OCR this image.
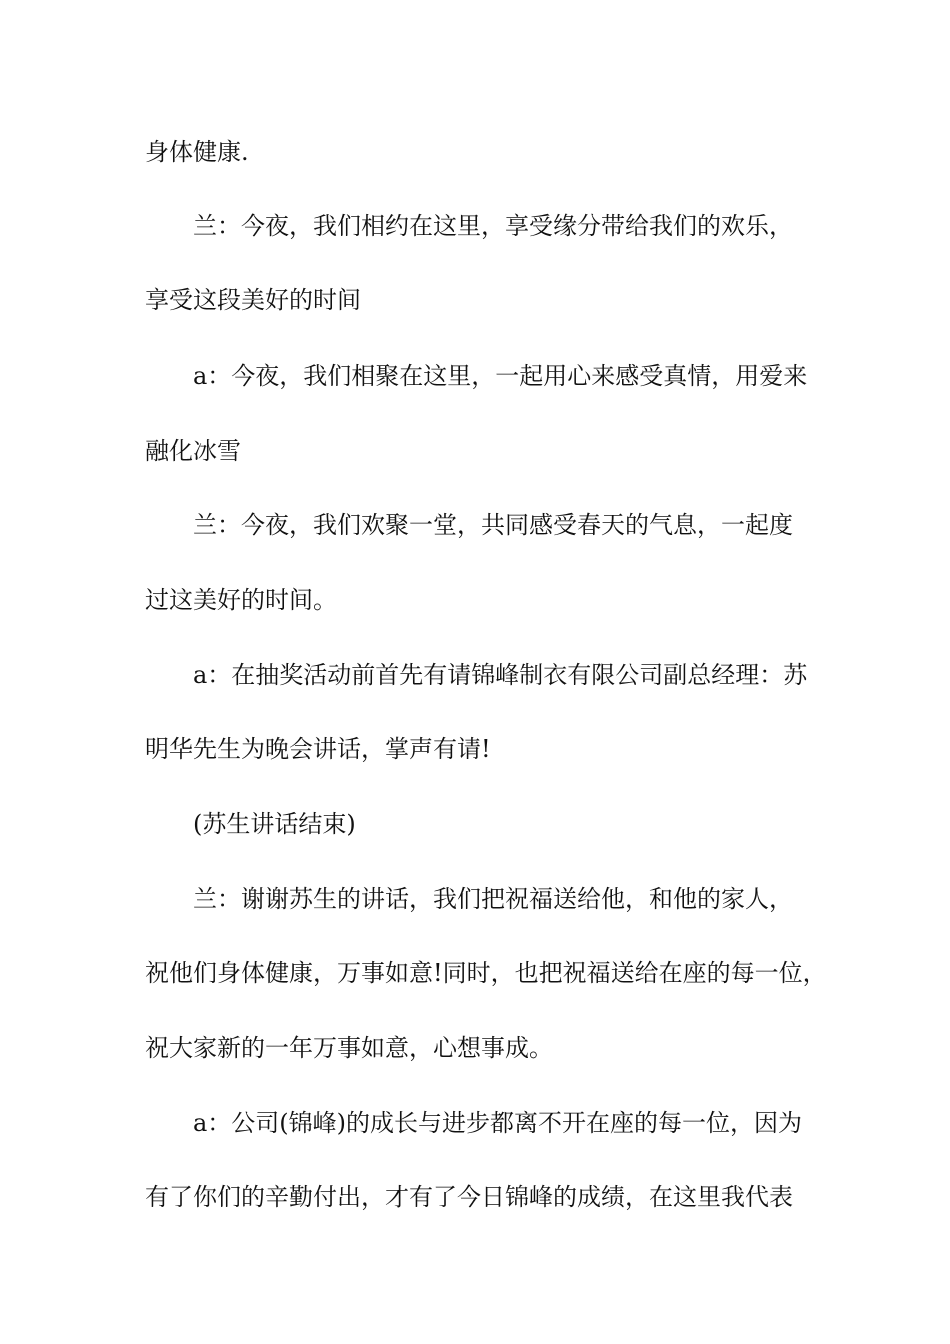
身体健康.
兰：今夜，我们相约在这里，享受缘分带给我们的欢乐，
享受这段美好的时间
a：今夜，我们相聚在这里，一起用心来感受真情，用爱来
融化冰雪
兰：今夜，我们欢聚一堂，共同感受春天的气息，一起度
过这美好的时间。
a：在抽奖活动前首先有请锦峰制衣有限公司副总经理：苏
明华先生为晚会讲话，掌声有请!
(苏生讲话结束)
兰：谢谢苏生的讲话，我们把祝福送给他，和他的家人，
祝他们身体健康，万事如意!同时，也把祝福送给在座的每一位，
祝大家新的一年万事如意，心想事成。
a：公司(锦峰)的成长与进步都离不开在座的每一位，因为
有了你们的辛勤付出，才有了今日锦峰的成绩，在这里我代表
